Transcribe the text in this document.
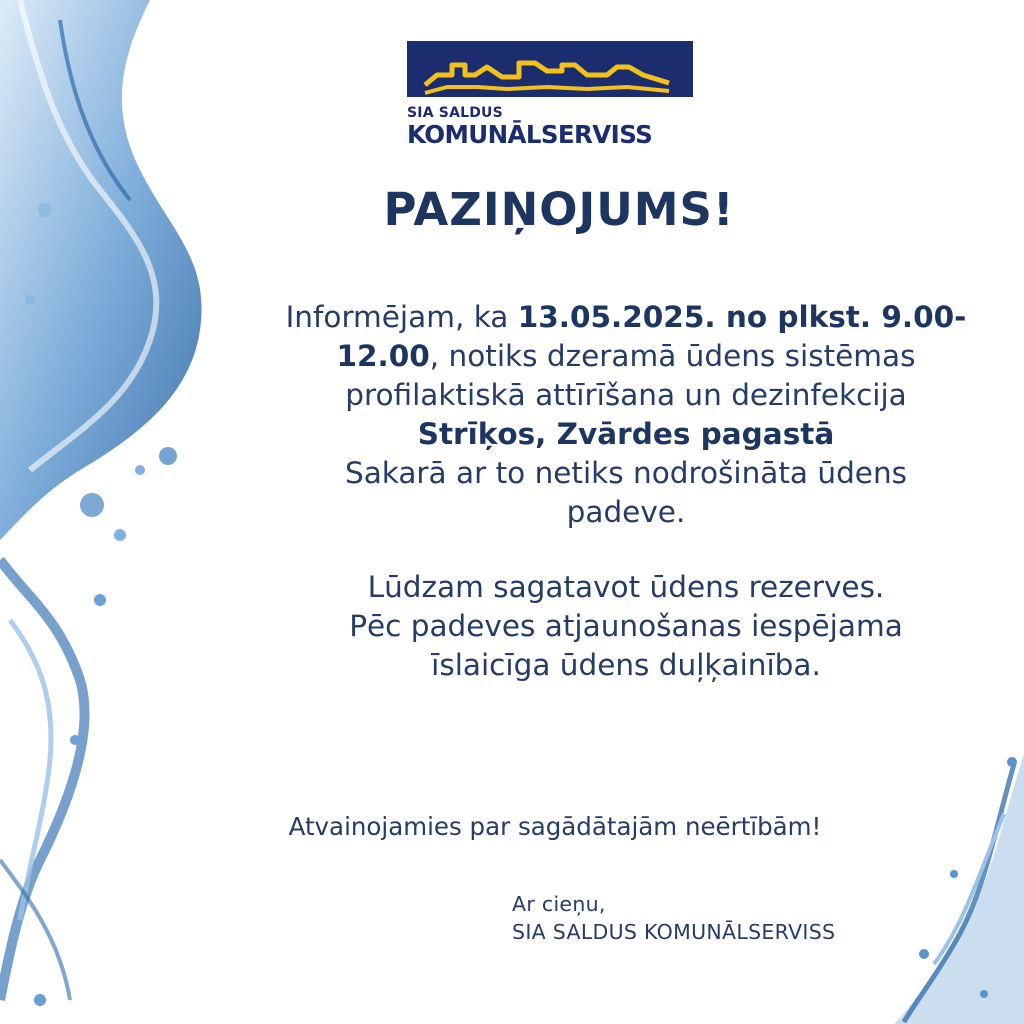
SIA SALDUS
KOMUNĀLSERVISS
PAZIŅOJUMS!
Informējam, ka 13.05.2025. no plkst. 9.00-
12.00, notiks dzeramā ūdens sistēmas
profilaktiskā attīrīšana un dezinfekcija
Strīķos, Zvārdes pagastā
Sakarā ar to netiks nodrošināta ūdens
padeve.
Lūdzam sagatavot ūdens rezerves.
Pēc padeves atjaunošanas iespējama
īslaicīga ūdens duļķainība.
Atvainojamies par sagādātajām neērtībām!
Ar cieņu,
SIA SALDUS KOMUNĀLSERVISS
